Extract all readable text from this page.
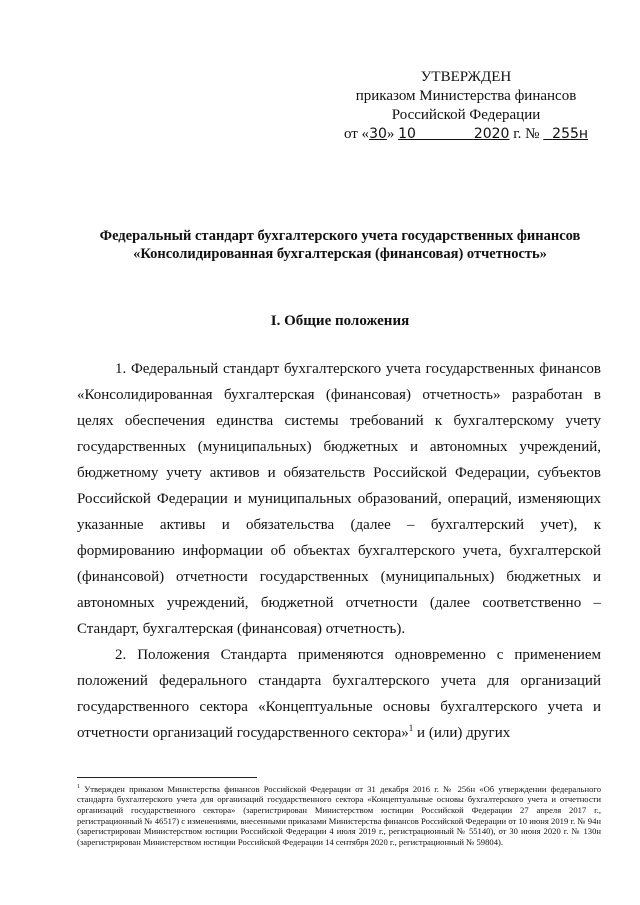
УТВЕРЖДЕН
приказом Министерства финансов
Российской Федерации
от «30» 10	2020 г. № 255н
Федеральный стандарт бухгалтерского учета государственных финансов
«Консолидированная бухгалтерская (финансовая) отчетность»
I. Общие положения

1. Федеральный стандарт бухгалтерского учета государственных финансов «Консолидированная бухгалтерская (финансовая) отчетность» разработан в целях обеспечения единства системы требований к бухгалтерскому учету государственных (муниципальных) бюджетных и автономных учреждений, бюджетному учету активов и обязательств Российской Федерации, субъектов Российской Федерации и муниципальных образований, операций, изменяющих указанные активы и обязательства (далее – бухгалтерский учет), к формированию информации об объектах бухгалтерского учета, бухгалтерской (финансовой) отчетности государственных (муниципальных) бюджетных и автономных учреждений, бюджетной отчетности (далее соответственно – Стандарт, бухгалтерская (финансовая) отчетность).

2. Положения Стандарта применяются одновременно с применением положений федерального стандарта бухгалтерского учета для организаций государственного сектора «Концептуальные основы бухгалтерского учета и отчетности организаций государственного сектора»$^1$ и (или) других

$^1$ Утвержден приказом Министерства финансов Российской Федерации от 31 декабря 2016 г. № 256н «Об утверждении федерального стандарта бухгалтерского учета для организаций государственного сектора «Концептуальные основы бухгалтерского учета и отчетности организаций государственного сектора» (зарегистрирован Министерством юстиции Российской Федерации 27 апреля 2017 г., регистрационный № 46517) с изменениями, внесенными приказами Министерства финансов Российской Федерации от 10 июня 2019 г. № 94н (зарегистрирован Министерством юстиции Российской Федерации 4 июля 2019 г., регистрационный № 55140), от 30 июня 2020 г. № 130н (зарегистрирован Министерством юстиции Российской Федерации 14 сентября 2020 г., регистрационный № 59804).
